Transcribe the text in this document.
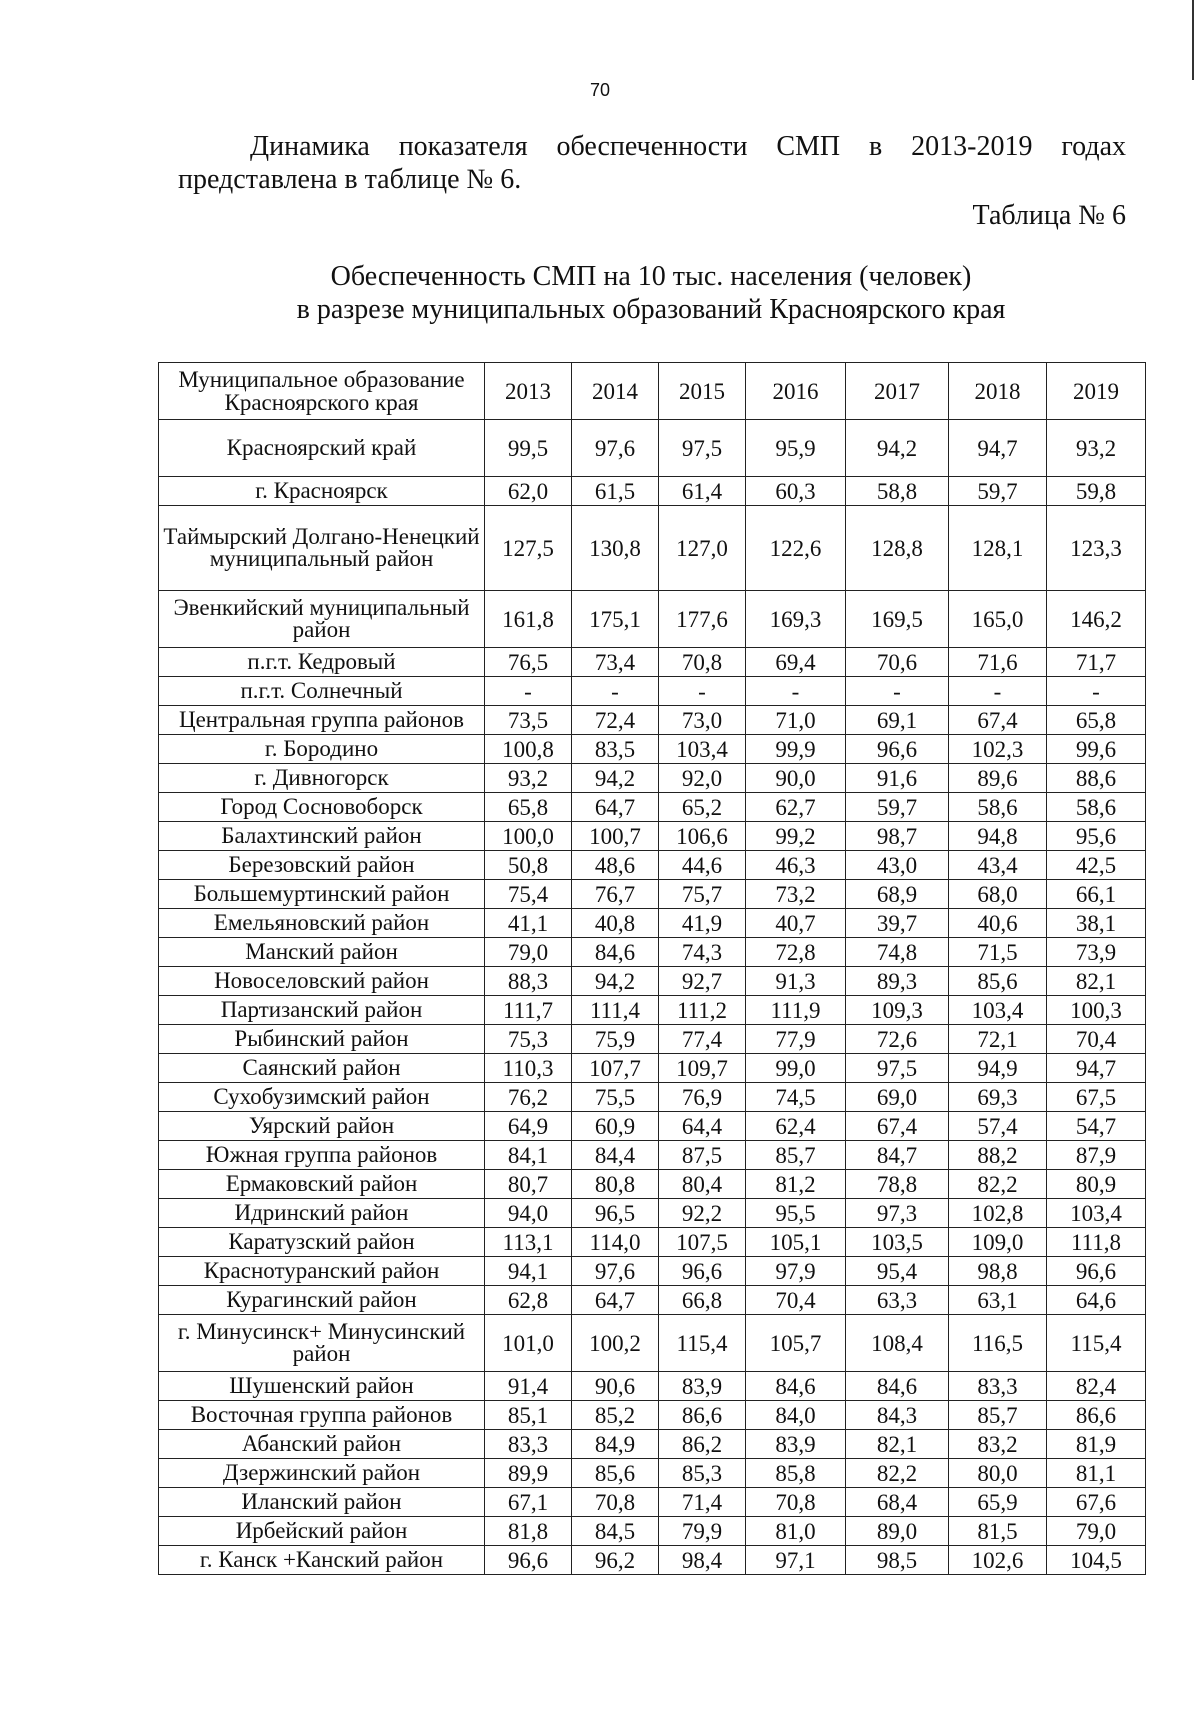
70

Динамика показателя обеспеченности СМП в 2013-2019 годах представлена в таблице № 6.

Таблица № 6
Обеспеченность СМП на 10 тыс. населения (человек)
в разрезе муниципальных образований Красноярского края
Муниципальное образование Красноярского края	2013	2014	2015	2016	2017	2018	2019
Красноярский край	99,5	97,6	97,5	95,9	94,2	94,7	93,2
г. Красноярск	62,0	61,5	61,4	60,3	58,8	59,7	59,8
Таймырский Долгано-Ненецкий муниципальный район	127,5	130,8	127,0	122,6	128,8	128,1	123,3
Эвенкийский муниципальный район	161,8	175,1	177,6	169,3	169,5	165,0	146,2
п.г.т. Кедровый	76,5	73,4	70,8	69,4	70,6	71,6	71,7
п.г.т. Солнечный	-	-	-	-	-	-	-
Центральная группа районов	73,5	72,4	73,0	71,0	69,1	67,4	65,8
г. Бородино	100,8	83,5	103,4	99,9	96,6	102,3	99,6
г. Дивногорск	93,2	94,2	92,0	90,0	91,6	89,6	88,6
Город Сосновоборск	65,8	64,7	65,2	62,7	59,7	58,6	58,6
Балахтинский район	100,0	100,7	106,6	99,2	98,7	94,8	95,6
Березовский район	50,8	48,6	44,6	46,3	43,0	43,4	42,5
Большемуртинский район	75,4	76,7	75,7	73,2	68,9	68,0	66,1
Емельяновский район	41,1	40,8	41,9	40,7	39,7	40,6	38,1
Манский район	79,0	84,6	74,3	72,8	74,8	71,5	73,9
Новоселовский район	88,3	94,2	92,7	91,3	89,3	85,6	82,1
Партизанский район	111,7	111,4	111,2	111,9	109,3	103,4	100,3
Рыбинский район	75,3	75,9	77,4	77,9	72,6	72,1	70,4
Саянский район	110,3	107,7	109,7	99,0	97,5	94,9	94,7
Сухобузимский район	76,2	75,5	76,9	74,5	69,0	69,3	67,5
Уярский район	64,9	60,9	64,4	62,4	67,4	57,4	54,7
Южная группа районов	84,1	84,4	87,5	85,7	84,7	88,2	87,9
Ермаковский район	80,7	80,8	80,4	81,2	78,8	82,2	80,9
Идринский район	94,0	96,5	92,2	95,5	97,3	102,8	103,4
Каратузский район	113,1	114,0	107,5	105,1	103,5	109,0	111,8
Краснотуранский район	94,1	97,6	96,6	97,9	95,4	98,8	96,6
Курагинский район	62,8	64,7	66,8	70,4	63,3	63,1	64,6
г. Минусинск+ Минусинский район	101,0	100,2	115,4	105,7	108,4	116,5	115,4
Шушенский район	91,4	90,6	83,9	84,6	84,6	83,3	82,4
Восточная группа районов	85,1	85,2	86,6	84,0	84,3	85,7	86,6
Абанский район	83,3	84,9	86,2	83,9	82,1	83,2	81,9
Дзержинский район	89,9	85,6	85,3	85,8	82,2	80,0	81,1
Иланский район	67,1	70,8	71,4	70,8	68,4	65,9	67,6
Ирбейский район	81,8	84,5	79,9	81,0	89,0	81,5	79,0
г. Канск +Канский район	96,6	96,2	98,4	97,1	98,5	102,6	104,5
